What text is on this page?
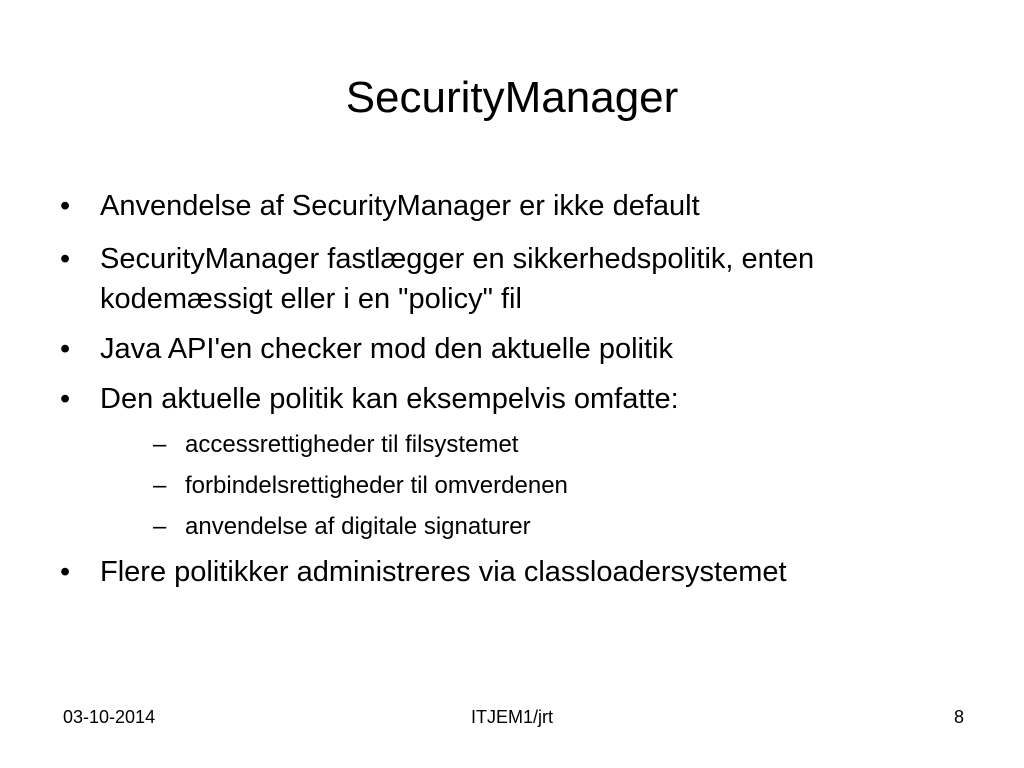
SecurityManager
•	Anvendelse af SecurityManager er ikke default
•	SecurityManager fastlægger en sikkerhedspolitik, enten kodemæssigt eller i en "policy" fil
•	Java API'en checker mod den aktuelle politik
•	Den aktuelle politik kan eksempelvis omfatte:
– accessrettigheder til filsystemet
– forbindelsrettigheder til omverdenen
– anvendelse af digitale signaturer
•	Flere politikker administreres via classloadersystemet
03-10-2014	ITJEM1/jrt	8
